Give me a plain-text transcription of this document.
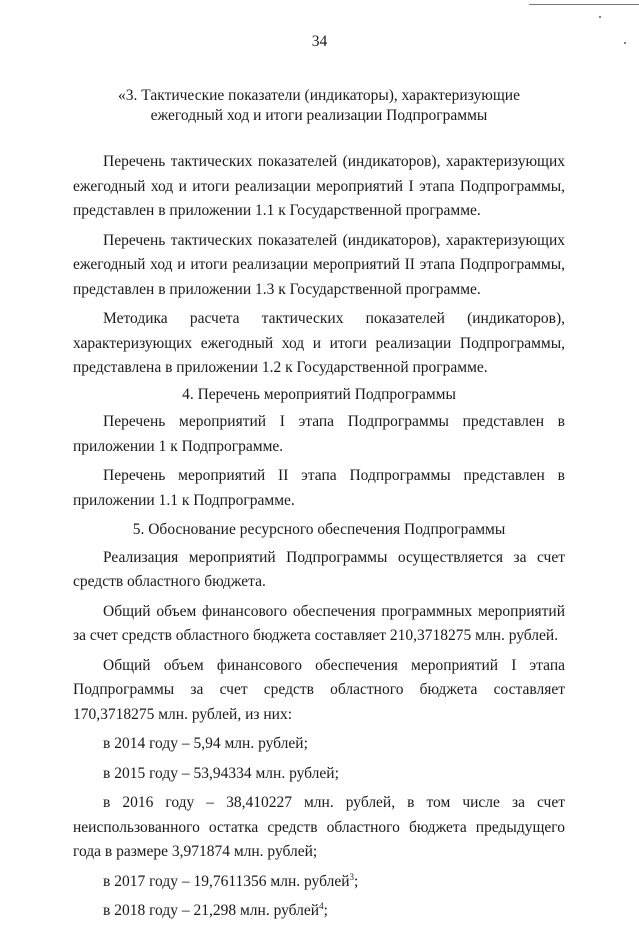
34
«3. Тактические показатели (индикаторы), характеризующие
ежегодный ход и итоги реализации Подпрограммы

Перечень тактических показателей (индикаторов), характеризующих ежегодный ход и итоги реализации мероприятий I этапа Подпрограммы, представлен в приложении 1.1 к Государственной программе.

Перечень тактических показателей (индикаторов), характеризующих ежегодный ход и итоги реализации мероприятий II этапа Подпрограммы, представлен в приложении 1.3 к Государственной программе.

Методика расчета тактических показателей (индикаторов), характеризующих ежегодный ход и итоги реализации Подпрограммы, представлена в приложении 1.2 к Государственной программе.

4. Перечень мероприятий Подпрограммы

Перечень мероприятий I этапа Подпрограммы представлен в приложении 1 к Подпрограмме.

Перечень мероприятий II этапа Подпрограммы представлен в приложении 1.1 к Подпрограмме.

5. Обоснование ресурсного обеспечения Подпрограммы

Реализация мероприятий Подпрограммы осуществляется за счет средств областного бюджета.

Общий объем финансового обеспечения программных мероприятий за счет средств областного бюджета составляет 210,3718275 млн. рублей.

Общий объем финансового обеспечения мероприятий I этапа Подпрограммы за счет средств областного бюджета составляет 170,3718275 млн. рублей, из них:

в 2014 году – 5,94 млн. рублей;

в 2015 году – 53,94334 млн. рублей;

в 2016 году – 38,410227 млн. рублей, в том числе за счет неиспользованного остатка средств областного бюджета предыдущего года в размере 3,971874 млн. рублей;

в 2017 году – 19,7611356 млн. рублей$^3$;

в 2018 году – 21,298 млн. рублей$^4$;
